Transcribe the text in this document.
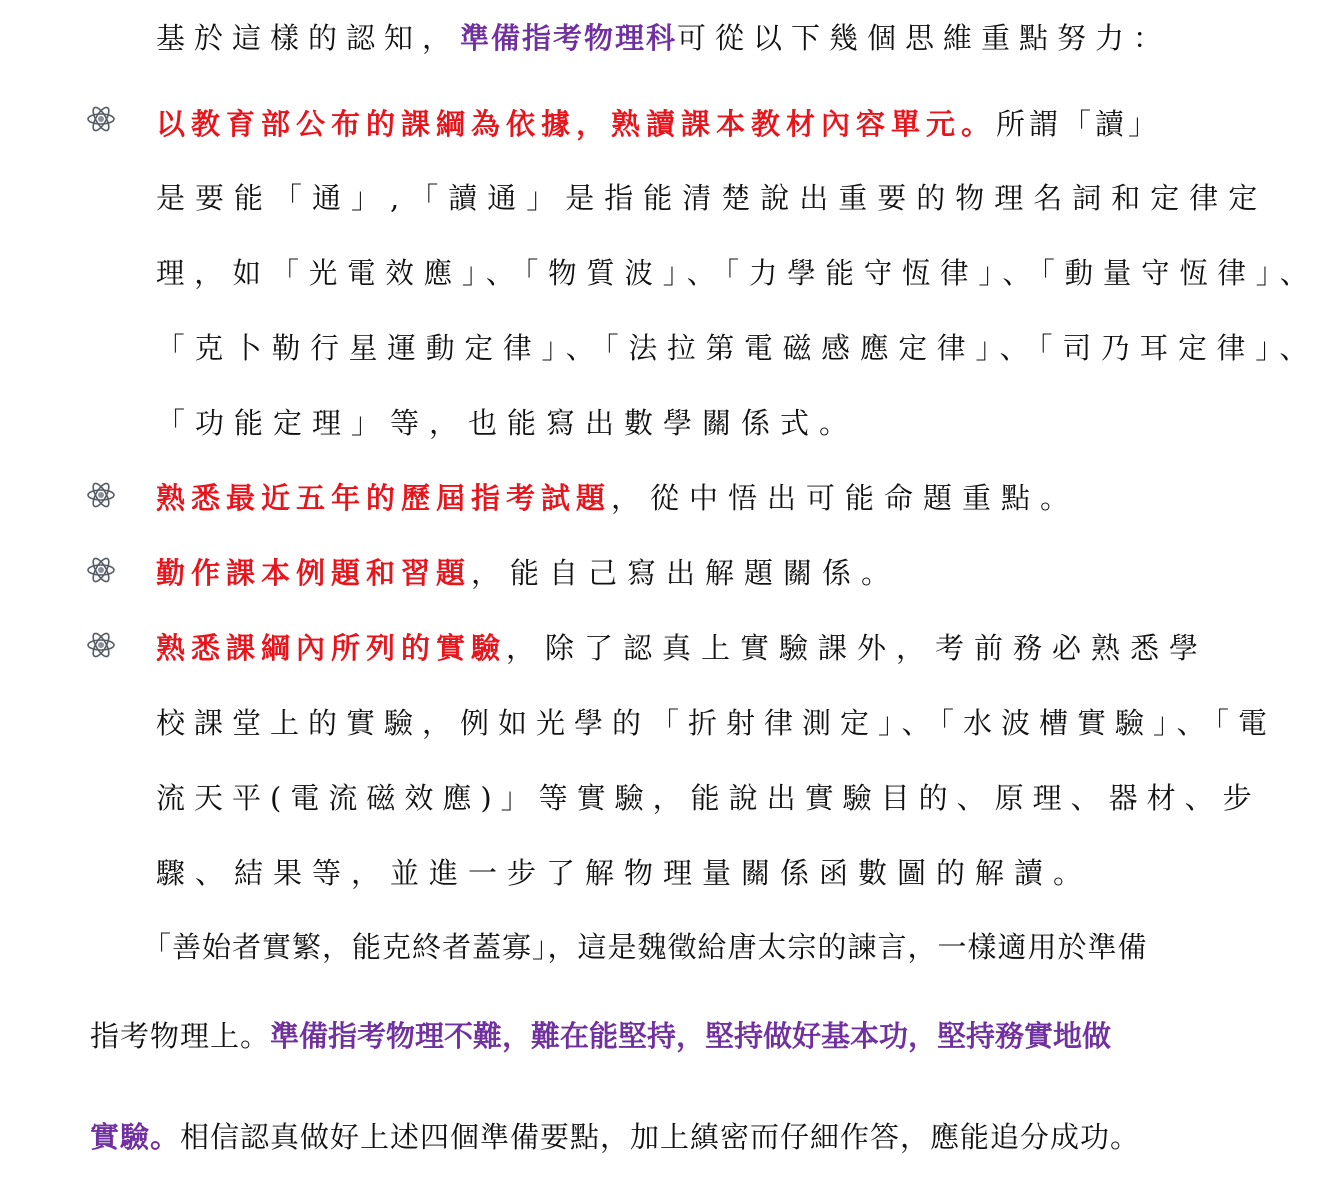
基於這樣的認知，準備指考物理科可從以下幾個思維重點努力：
以教育部公布的課綱為依據，熟讀課本教材內容單元。所謂「讀」
是要能「通」,「讀通」是指能清楚說出重要的物理名詞和定律定
理，如「光電效應」、「物質波」、「力學能守恆律」、「動量守恆律」、
「克卜勒行星運動定律」、「法拉第電磁感應定律」、「司乃耳定律」、
「功能定理」等，也能寫出數學關係式。
熟悉最近五年的歷屆指考試題，從中悟出可能命題重點。
勤作課本例題和習題，能自己寫出解題關係。
熟悉課綱內所列的實驗，除了認真上實驗課外，考前務必熟悉學
校課堂上的實驗，例如光學的「折射律測定」、「水波槽實驗」、「電
流天平(電流磁效應)」等實驗，能說出實驗目的、原理、器材、步
驟、結果等，並進一步了解物理量關係函數圖的解讀。
「善始者實繁，能克終者蓋寡」，這是魏徵給唐太宗的諫言，一樣適用於準備
指考物理上。準備指考物理不難，難在能堅持，堅持做好基本功，堅持務實地做
實驗。相信認真做好上述四個準備要點，加上縝密而仔細作答，應能追分成功。
